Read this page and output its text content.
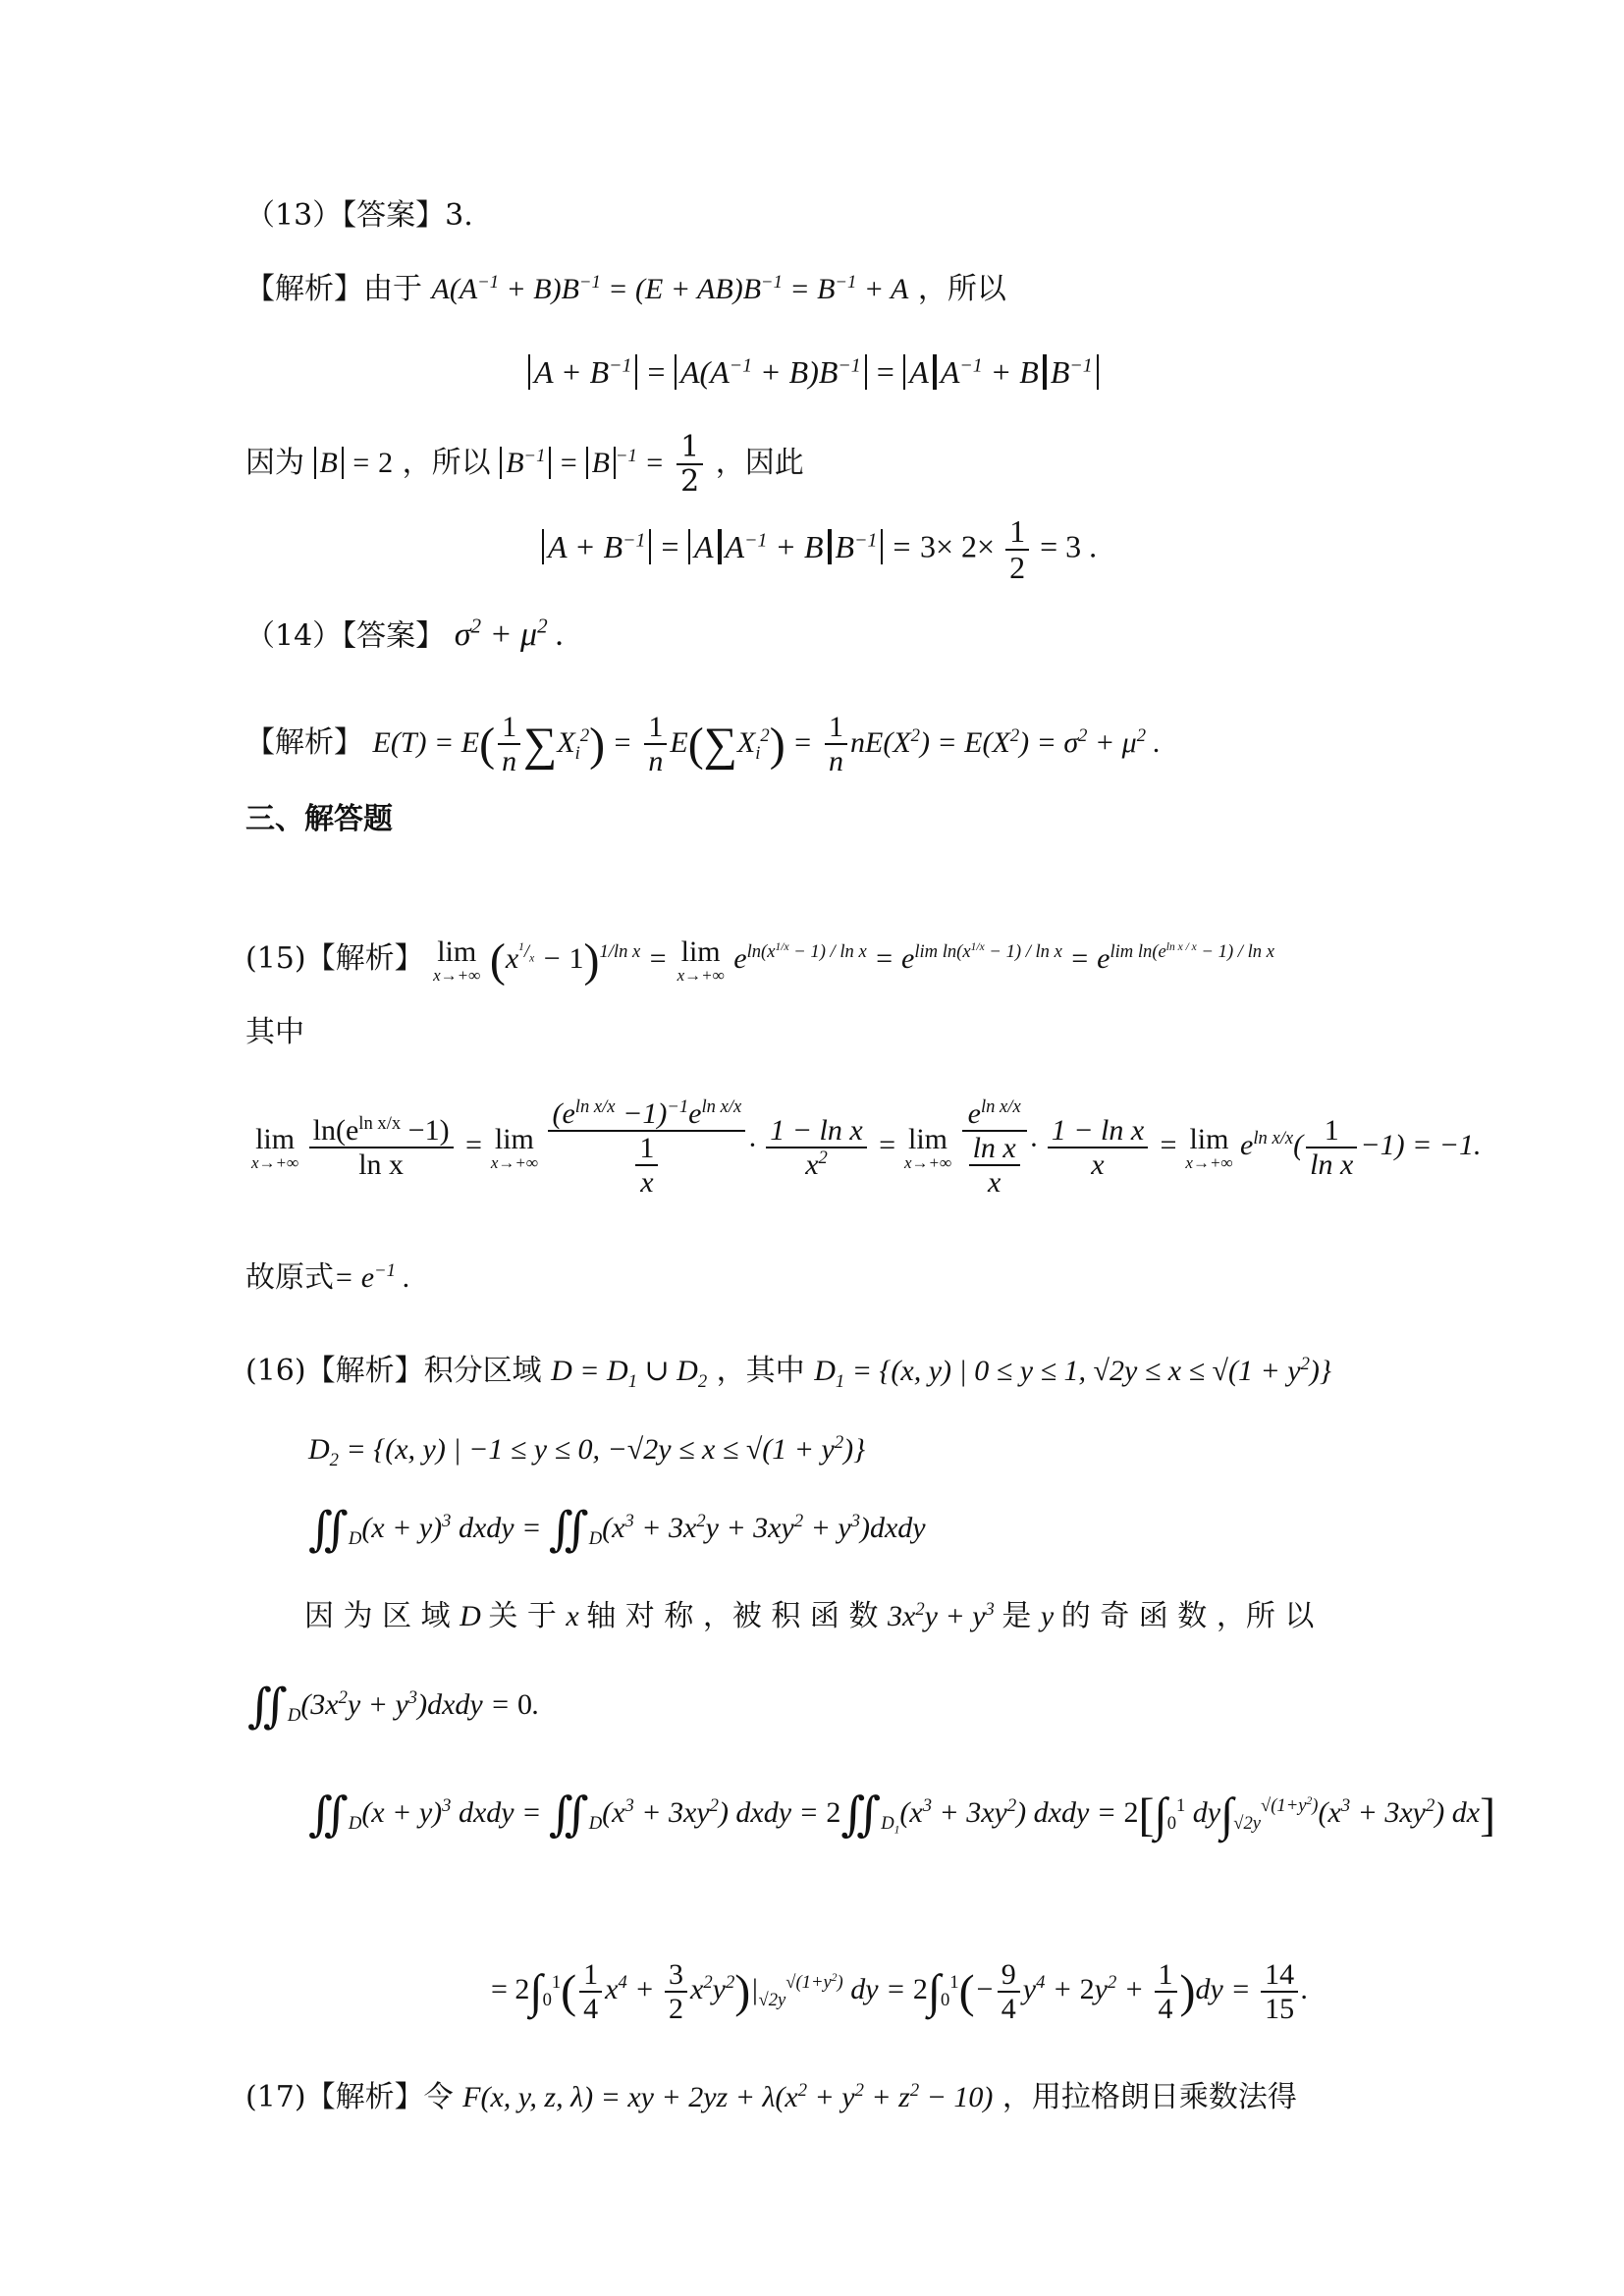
（13）【答案】3.
【解析】由于 $A(A^{-1} + B)B^{-1} = (E + AB)B^{-1} = B^{-1} + A$ ，所以
$A + B^{-1} = A(A^{-1} + B)B^{-1} = A$ $A^{-1} + B$ $B^{-1}$
因为 B = 2 ，所以 $B^{-1} = B$ $^{-1} = \frac{1}{2}$ ，因此
$A + B^{-1} = A$ $A^{-1} + B$ $B^{-1} = 3\times 2\times \frac{1}{2} = 3$ .
（14）【答案】 $\sigma^2 + \mu^2$ .
【解析】 $E(T) = E( \frac{1}{n} \sum X_i^2) = \frac{1}{n} E(\sum X_i^2) = \frac{1}{n} nE(X^2) = E(X^2) = \sigma^2 + \mu^2$ .
三、解答题
(15)【解析】 lim
x→+∞ $(x^{^1/_x} - 1)^{1/ln x} = \lim$
x→+∞ $e^{ln(x^{1/x} - 1) / ln x} = e^{lim ln(x^{1/x} - 1) / ln x} = e^{lim ln(e^{ln x / x} - 1) / ln x}$
其中
lim
x→+∞
$\frac{\ln(e^{ln x/x} -1)}{\text{ln x}} = \lim$
x→+∞
$\frac{(e^{ln x/x} -1)^{-1}e^{ln x/x}}{\frac{1}{x}} \cdot \frac{\text{1 − ln x}}{x^2} = \lim$
x→+∞
$\frac{e^{ln x/x}}{\frac{\text{ln x}}{x}} \cdot \frac{\text{1 − ln x}}{x} = \lim$
x→+∞
$e^{ln x/x}( \frac{1}{\text{ln x}} -1) = -1$.
故原式= $e^{-1}$ .
(16)【解析】积分区域 $D = D_1$ ∪ $D_2$ ，其中 $D_1 = \{(x$, y) | 0 ≤ y ≤ 1, $√2y \le x \le √(1 + y^2)$}
$D_2 = \{(x$, y) | −1 ≤ y ≤ 0, $-√2y \le x \le √(1 + y^2)$}
$∬_D(x + y)^3$ dxdy = $∬_D(x^3 + 3x^2y + 3xy^2$ + $y^3)dxdy$
因 为 区 域 D 关 于 x 轴 对 称 ，被 积 函 数 $3x^2y + y^3$ 是 y 的 奇 函 数 ，所 以
$∬_D(3x^2y$ + $y^3)dxdy = 0$.
$∬_D(x + y)^3$ dxdy = $∬_D(x^3 + 3xy^2)$ dxdy = $2∬_{D_1}(x^3 + 3xy^2)$ dxdy = $2[\int_0^1$ $dy\int_{√2y}^{√(1+y^2)}(x^3 + 3xy^2)$ dx]
= $2\int_0^1( \frac{1}{4} x^4 + \frac{3}{2} x^2y^2)|_{√2y}^{√(1+y^2)}$ dy = $2\int_0^1(- \frac{9}{4} y^4 + 2y^2 + \frac{1}{4} )dy = \frac{14}{15}$ .
(17)【解析】令 F(x, y, z, λ) = xy + $2yz + \lambda(x^2 + y^2 + z^2 - 10)$ ，用拉格朗日乘数法得
